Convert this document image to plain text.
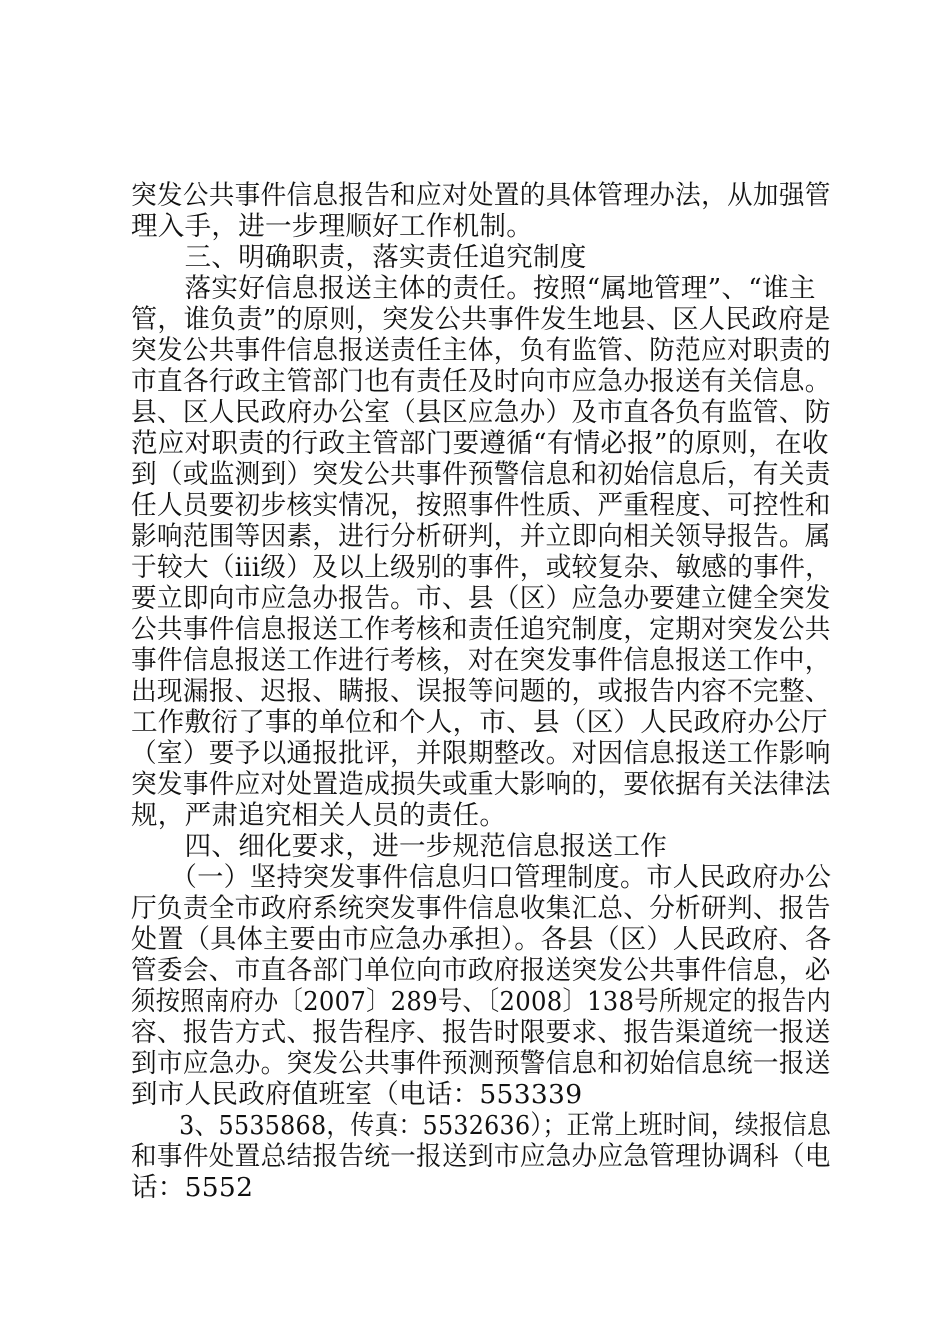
突发公共事件信息报告和应对处置的具体管理办法，从加强管

理入手，进一步理顺好工作机制。

　　三、明确职责，落实责任追究制度

　　落实好信息报送主体的责任。按照“属地管理”、“谁主

管，谁负责”的原则，突发公共事件发生地县、区人民政府是

突发公共事件信息报送责任主体，负有监管、防范应对职责的

市直各行政主管部门也有责任及时向市应急办报送有关信息。

县、区人民政府办公室（县区应急办）及市直各负有监管、防

范应对职责的行政主管部门要遵循“有情必报”的原则，在收

到（或监测到）突发公共事件预警信息和初始信息后，有关责

任人员要初步核实情况，按照事件性质、严重程度、可控性和

影响范围等因素，进行分析研判，并立即向相关领导报告。属

于较大（iii级）及以上级别的事件，或较复杂、敏感的事件，

要立即向市应急办报告。市、县（区）应急办要建立健全突发

公共事件信息报送工作考核和责任追究制度，定期对突发公共

事件信息报送工作进行考核，对在突发事件信息报送工作中，

出现漏报、迟报、瞒报、误报等问题的，或报告内容不完整、

工作敷衍了事的单位和个人，市、县（区）人民政府办公厅

（室）要予以通报批评，并限期整改。对因信息报送工作影响

突发事件应对处置造成损失或重大影响的，要依据有关法律法

规，严肃追究相关人员的责任。

　　四、细化要求，进一步规范信息报送工作

　　（一）坚持突发事件信息归口管理制度。市人民政府办公

厅负责全市政府系统突发事件信息收集汇总、分析研判、报告

处置（具体主要由市应急办承担）。各县（区）人民政府、各

管委会、市直各部门单位向市政府报送突发公共事件信息，必

须按照南府办〔2007〕289号、〔2008〕138号所规定的报告内

容、报告方式、报告程序、报告时限要求、报告渠道统一报送

到市应急办。突发公共事件预测预警信息和初始信息统一报送

到市人民政府值班室（电话：553339

　　3、5535868，传真：5532636）；正常上班时间，续报信息

和事件处置总结报告统一报送到市应急办应急管理协调科（电

话：5552
